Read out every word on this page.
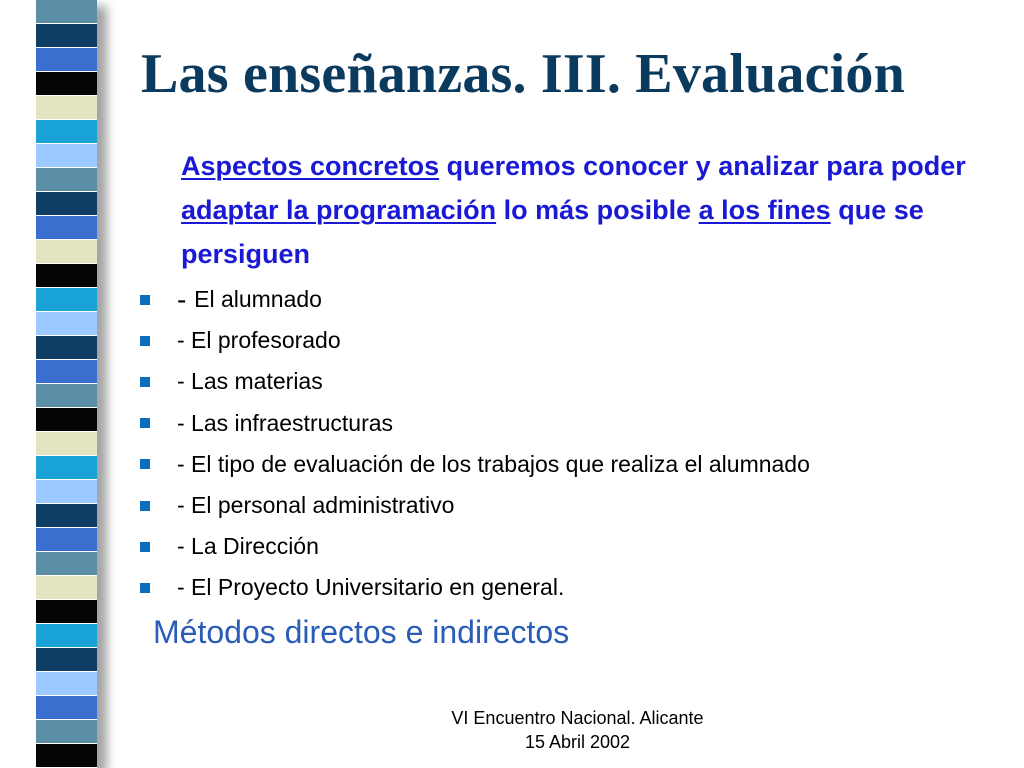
Las enseñanzas. III. Evaluación
Aspectos concretos queremos conocer y analizar para poder adaptar la programación lo más posible a los fines que se persiguen
- El alumnado
- El profesorado
- Las materias
- Las infraestructuras
- El tipo de evaluación de los trabajos que realiza el alumnado
- El personal administrativo
- La Dirección
- El Proyecto Universitario en general.
Métodos directos e indirectos
VI Encuentro Nacional. Alicante
15 Abril 2002
